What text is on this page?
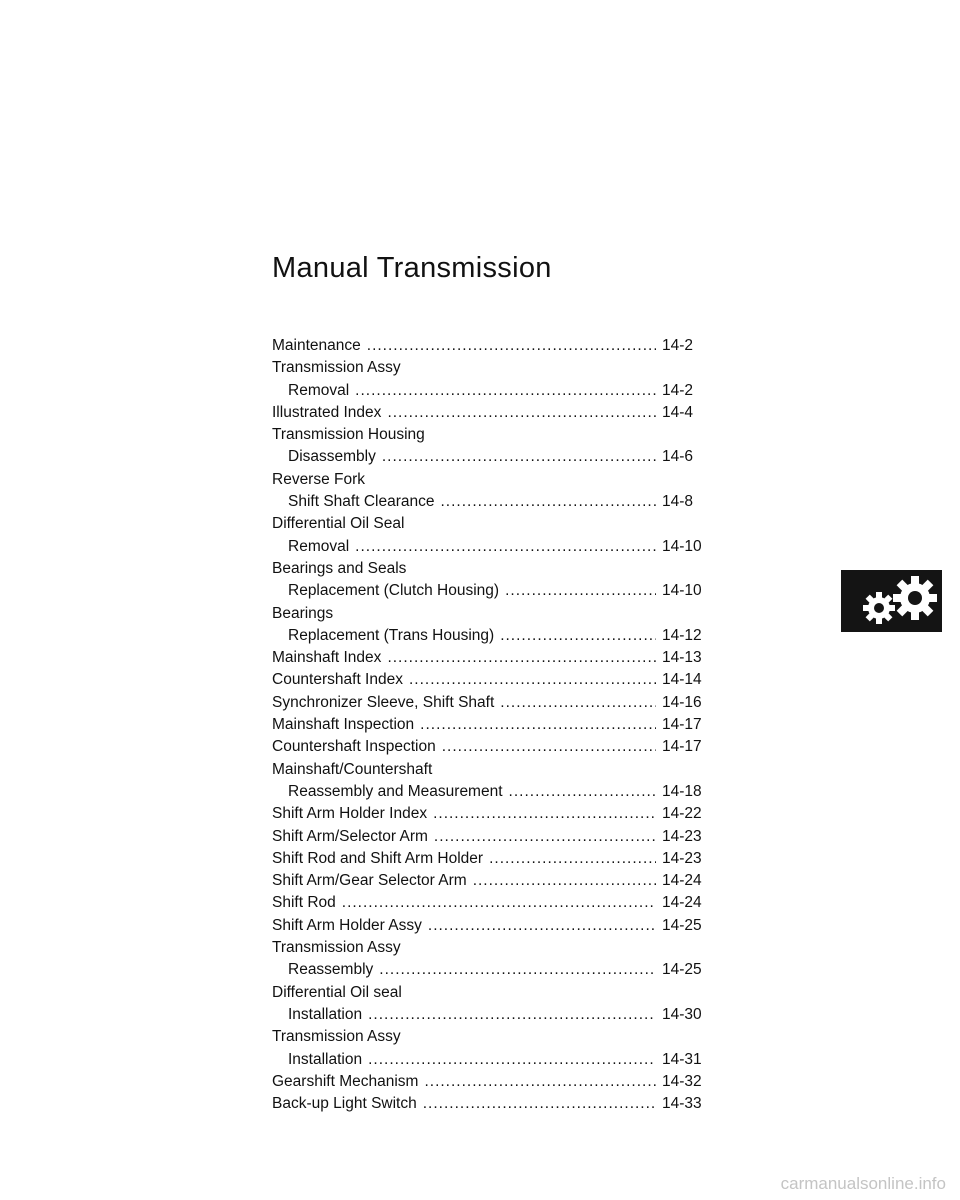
Manual Transmission
Maintenance .....	14-2
Transmission Assy
Removal .....	14-2
Illustrated Index .....	14-4
Transmission Housing
Disassembly .....	14-6
Reverse Fork
Shift Shaft Clearance .....	14-8
Differential Oil Seal
Removal .....	14-10
Bearings and Seals
Replacement (Clutch Housing) .....	14-10
Bearings
Replacement (Trans Housing) .....	14-12
Mainshaft Index .....	14-13
Countershaft Index .....	14-14
Synchronizer Sleeve, Shift Shaft .....	14-16
Mainshaft Inspection .....	14-17
Countershaft Inspection .....	14-17
Mainshaft/Countershaft
Reassembly and Measurement .....	14-18
Shift Arm Holder Index .....	14-22
Shift Arm/Selector Arm .....	14-23
Shift Rod and Shift Arm Holder .....	14-23
Shift Arm/Gear Selector Arm .....	14-24
Shift Rod .....	14-24
Shift Arm Holder Assy .....	14-25
Transmission Assy
Reassembly .....	14-25
Differential Oil seal
Installation .....	14-30
Transmission Assy
Installation .....	14-31
Gearshift Mechanism .....	14-32
Back-up Light Switch .....	14-33
carmanualsonline.info
